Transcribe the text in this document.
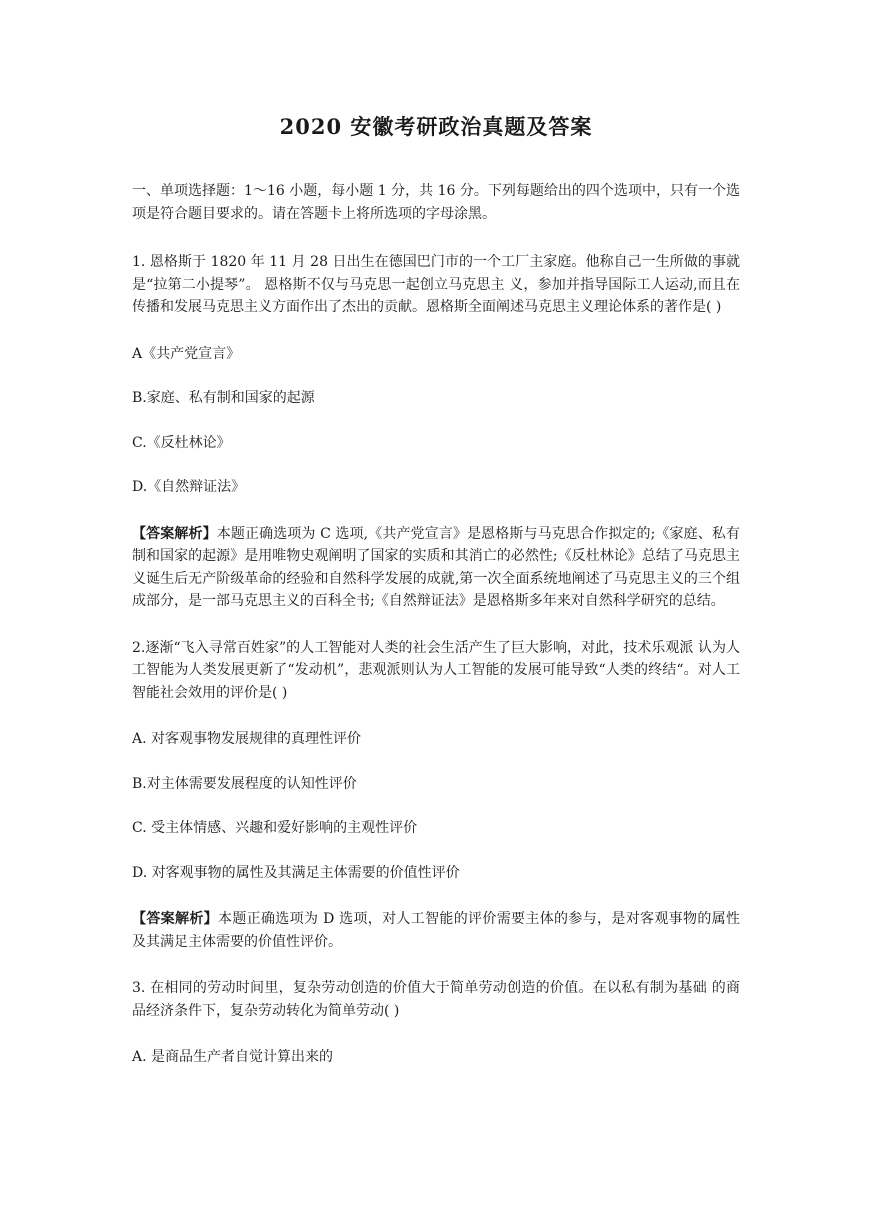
2020 安徽考研政治真题及答案

一、单项选择题：1～16 小题，每小题 1 分，共 16 分。下列每题给出的四个选项中，只有一个选项是符合题目要求的。请在答题卡上将所选项的字母涂黑。

1. 恩格斯于 1820 年 11 月 28 日出生在德国巴门市的一个工厂主家庭。他称自己一生所做的事就是“拉第二小提琴”。 恩格斯不仅与马克思一起创立马克思主 义，参加并指导国际工人运动,而且在传播和发展马克思主义方面作出了杰出的贡献。恩格斯全面阐述马克思主义理论体系的著作是( )

A《共产党宣言》
B.家庭、私有制和国家的起源
C.《反杜林论》
D.《自然辩证法》

【答案解析】本题正确选项为 C 选项,《共产党宣言》是恩格斯与马克思合作拟定的;《家庭、私有制和国家的起源》是用唯物史观阐明了国家的实质和其消亡的必然性;《反杜林论》总结了马克思主义诞生后无产阶级革命的经验和自然科学发展的成就,第一次全面系统地阐述了马克思主义的三个组成部分，是一部马克思主义的百科全书;《自然辩证法》是恩格斯多年来对自然科学研究的总结。

2.逐渐“飞入寻常百姓家”的人工智能对人类的社会生活产生了巨大影响，对此，技术乐观派 认为人工智能为人类发展更新了“发动机”，悲观派则认为人工智能的发展可能导致“人类的终结“。对人工智能社会效用的评价是( )

A. 对客观事物发展规律的真理性评价
B.对主体需要发展程度的认知性评价
C. 受主体情感、兴趣和爱好影响的主观性评价
D. 对客观事物的属性及其满足主体需要的价值性评价

【答案解析】本题正确选项为 D 选项，对人工智能的评价需要主体的参与，是对客观事物的属性及其满足主体需要的价值性评价。

3. 在相同的劳动时间里，复杂劳动创造的价值大于简单劳动创造的价值。在以私有制为基础 的商品经济条件下，复杂劳动转化为简单劳动( )

A. 是商品生产者自觉计算出来的
